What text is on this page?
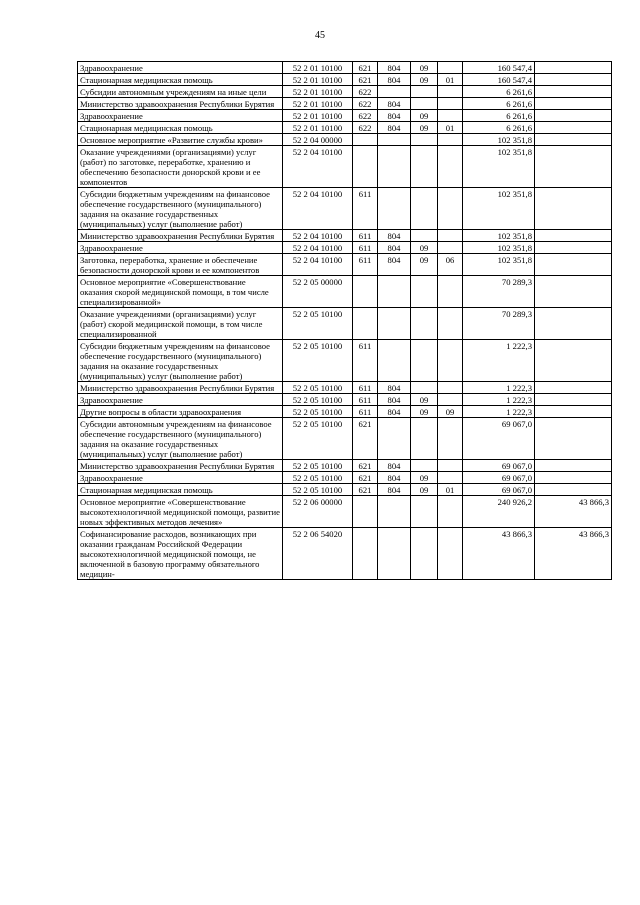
45
Здравоохранение	52 2 01 10100	621	804	09		160 547,4	
Стационарная медицинская помощь	52 2 01 10100	621	804	09	01	160 547,4	
Субсидии автономным учреждениям на иные цели	52 2 01 10100	622				6 261,6	
Министерство здравоохранения Республики Бурятия	52 2 01 10100	622	804			6 261,6	
Здравоохранение	52 2 01 10100	622	804	09		6 261,6	
Стационарная медицинская помощь	52 2 01 10100	622	804	09	01	6 261,6	
Основное мероприятие «Развитие службы крови»	52 2 04 00000					102 351,8	
Оказание учреждениями (организациями) услуг (работ) по заготовке, переработке, хранению и обеспечению безопасности донорской крови и ее компонентов	52 2 04 10100					102 351,8	
Субсидии бюджетным учреждениям на финансовое обеспечение государственного (муниципального) задания на оказание государственных (муниципальных) услуг (выполнение работ)	52 2 04 10100	611				102 351,8	
Министерство здравоохранения Республики Бурятия	52 2 04 10100	611	804			102 351,8	
Здравоохранение	52 2 04 10100	611	804	09		102 351,8	
Заготовка, переработка, хранение и обеспечение безопасности донорской крови и ее компонентов	52 2 04 10100	611	804	09	06	102 351,8	
Основное мероприятие «Совершенствование оказания скорой медицинской помощи, в том числе специализированной»	52 2 05 00000					70 289,3	
Оказание учреждениями (организациями) услуг (работ) скорой медицинской помощи, в том числе специализированной	52 2 05 10100					70 289,3	
Субсидии бюджетным учреждениям на финансовое обеспечение государственного (муниципального) задания на оказание государственных (муниципальных) услуг (выполнение работ)	52 2 05 10100	611				1 222,3	
Министерство здравоохранения Республики Бурятия	52 2 05 10100	611	804			1 222,3	
Здравоохранение	52 2 05 10100	611	804	09		1 222,3	
Другие вопросы в области здравоохранения	52 2 05 10100	611	804	09	09	1 222,3	
Субсидии автономным учреждениям на финансовое обеспечение государственного (муниципального) задания на оказание государственных (муниципальных) услуг (выполнение работ)	52 2 05 10100	621				69 067,0	
Министерство здравоохранения Республики Бурятия	52 2 05 10100	621	804			69 067,0	
Здравоохранение	52 2 05 10100	621	804	09		69 067,0	
Стационарная медицинская помощь	52 2 05 10100	621	804	09	01	69 067,0	
Основное мероприятие «Совершенствование высокотехнологичной медицинской помощи, развитие новых эффективных методов лечения»	52 2 06 00000					240 926,2	43 866,3
Софинансирование расходов, возникающих при оказании гражданам Российской Федерации высокотехнологичной медицинской помощи, не включенной в базовую программу обязательного медицин-	52 2 06 54020					43 866,3	43 866,3
